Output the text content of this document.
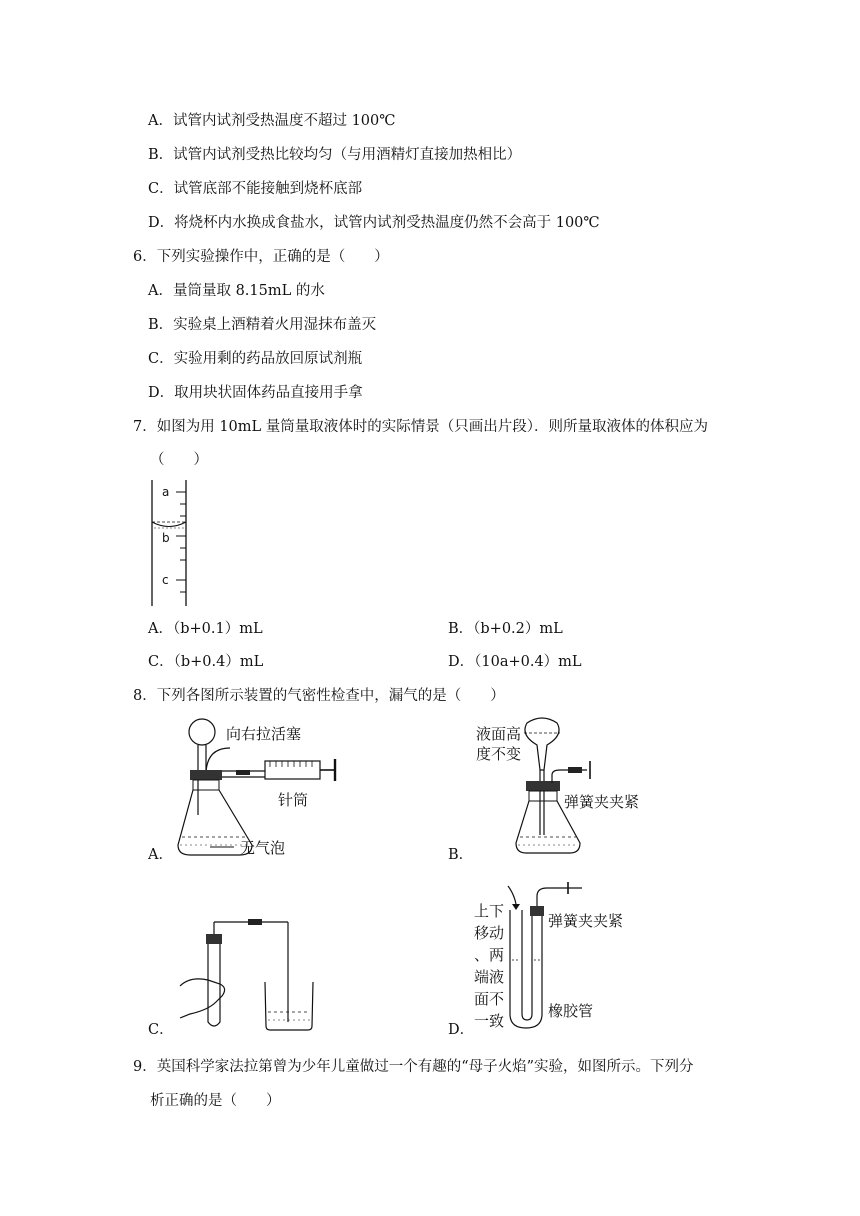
A．试管内试剂受热温度不超过 100℃
B．试管内试剂受热比较均匀（与用酒精灯直接加热相比）
C．试管底部不能接触到烧杯底部
D．将烧杯内水换成食盐水，试管内试剂受热温度仍然不会高于 100℃
6．下列实验操作中，正确的是（　　）
A．量筒量取 8.15mL 的水
B．实验桌上酒精着火用湿抹布盖灭
C．实验用剩的药品放回原试剂瓶
D．取用块状固体药品直接用手拿
7．如图为用 10mL 量筒量取液体时的实际情景（只画出片段）．则所量取液体的体积应为
（　　）
a
b
c
A．（b+0.1）mL	B．（b+0.2）mL
C．（b+0.4）mL	D．（10a+0.4）mL
8．下列各图所示装置的气密性检查中，漏气的是（　　）
向右拉活塞
针筒
无气泡
A．
液面高
度不变
弹簧夹夹紧
B．
C．
上下
移动
、两
端液
面不
一致
弹簧夹夹紧
橡胶管
D．
9．英国科学家法拉第曾为少年儿童做过一个有趣的“母子火焰”实验，如图所示。下列分
析正确的是（　　）
